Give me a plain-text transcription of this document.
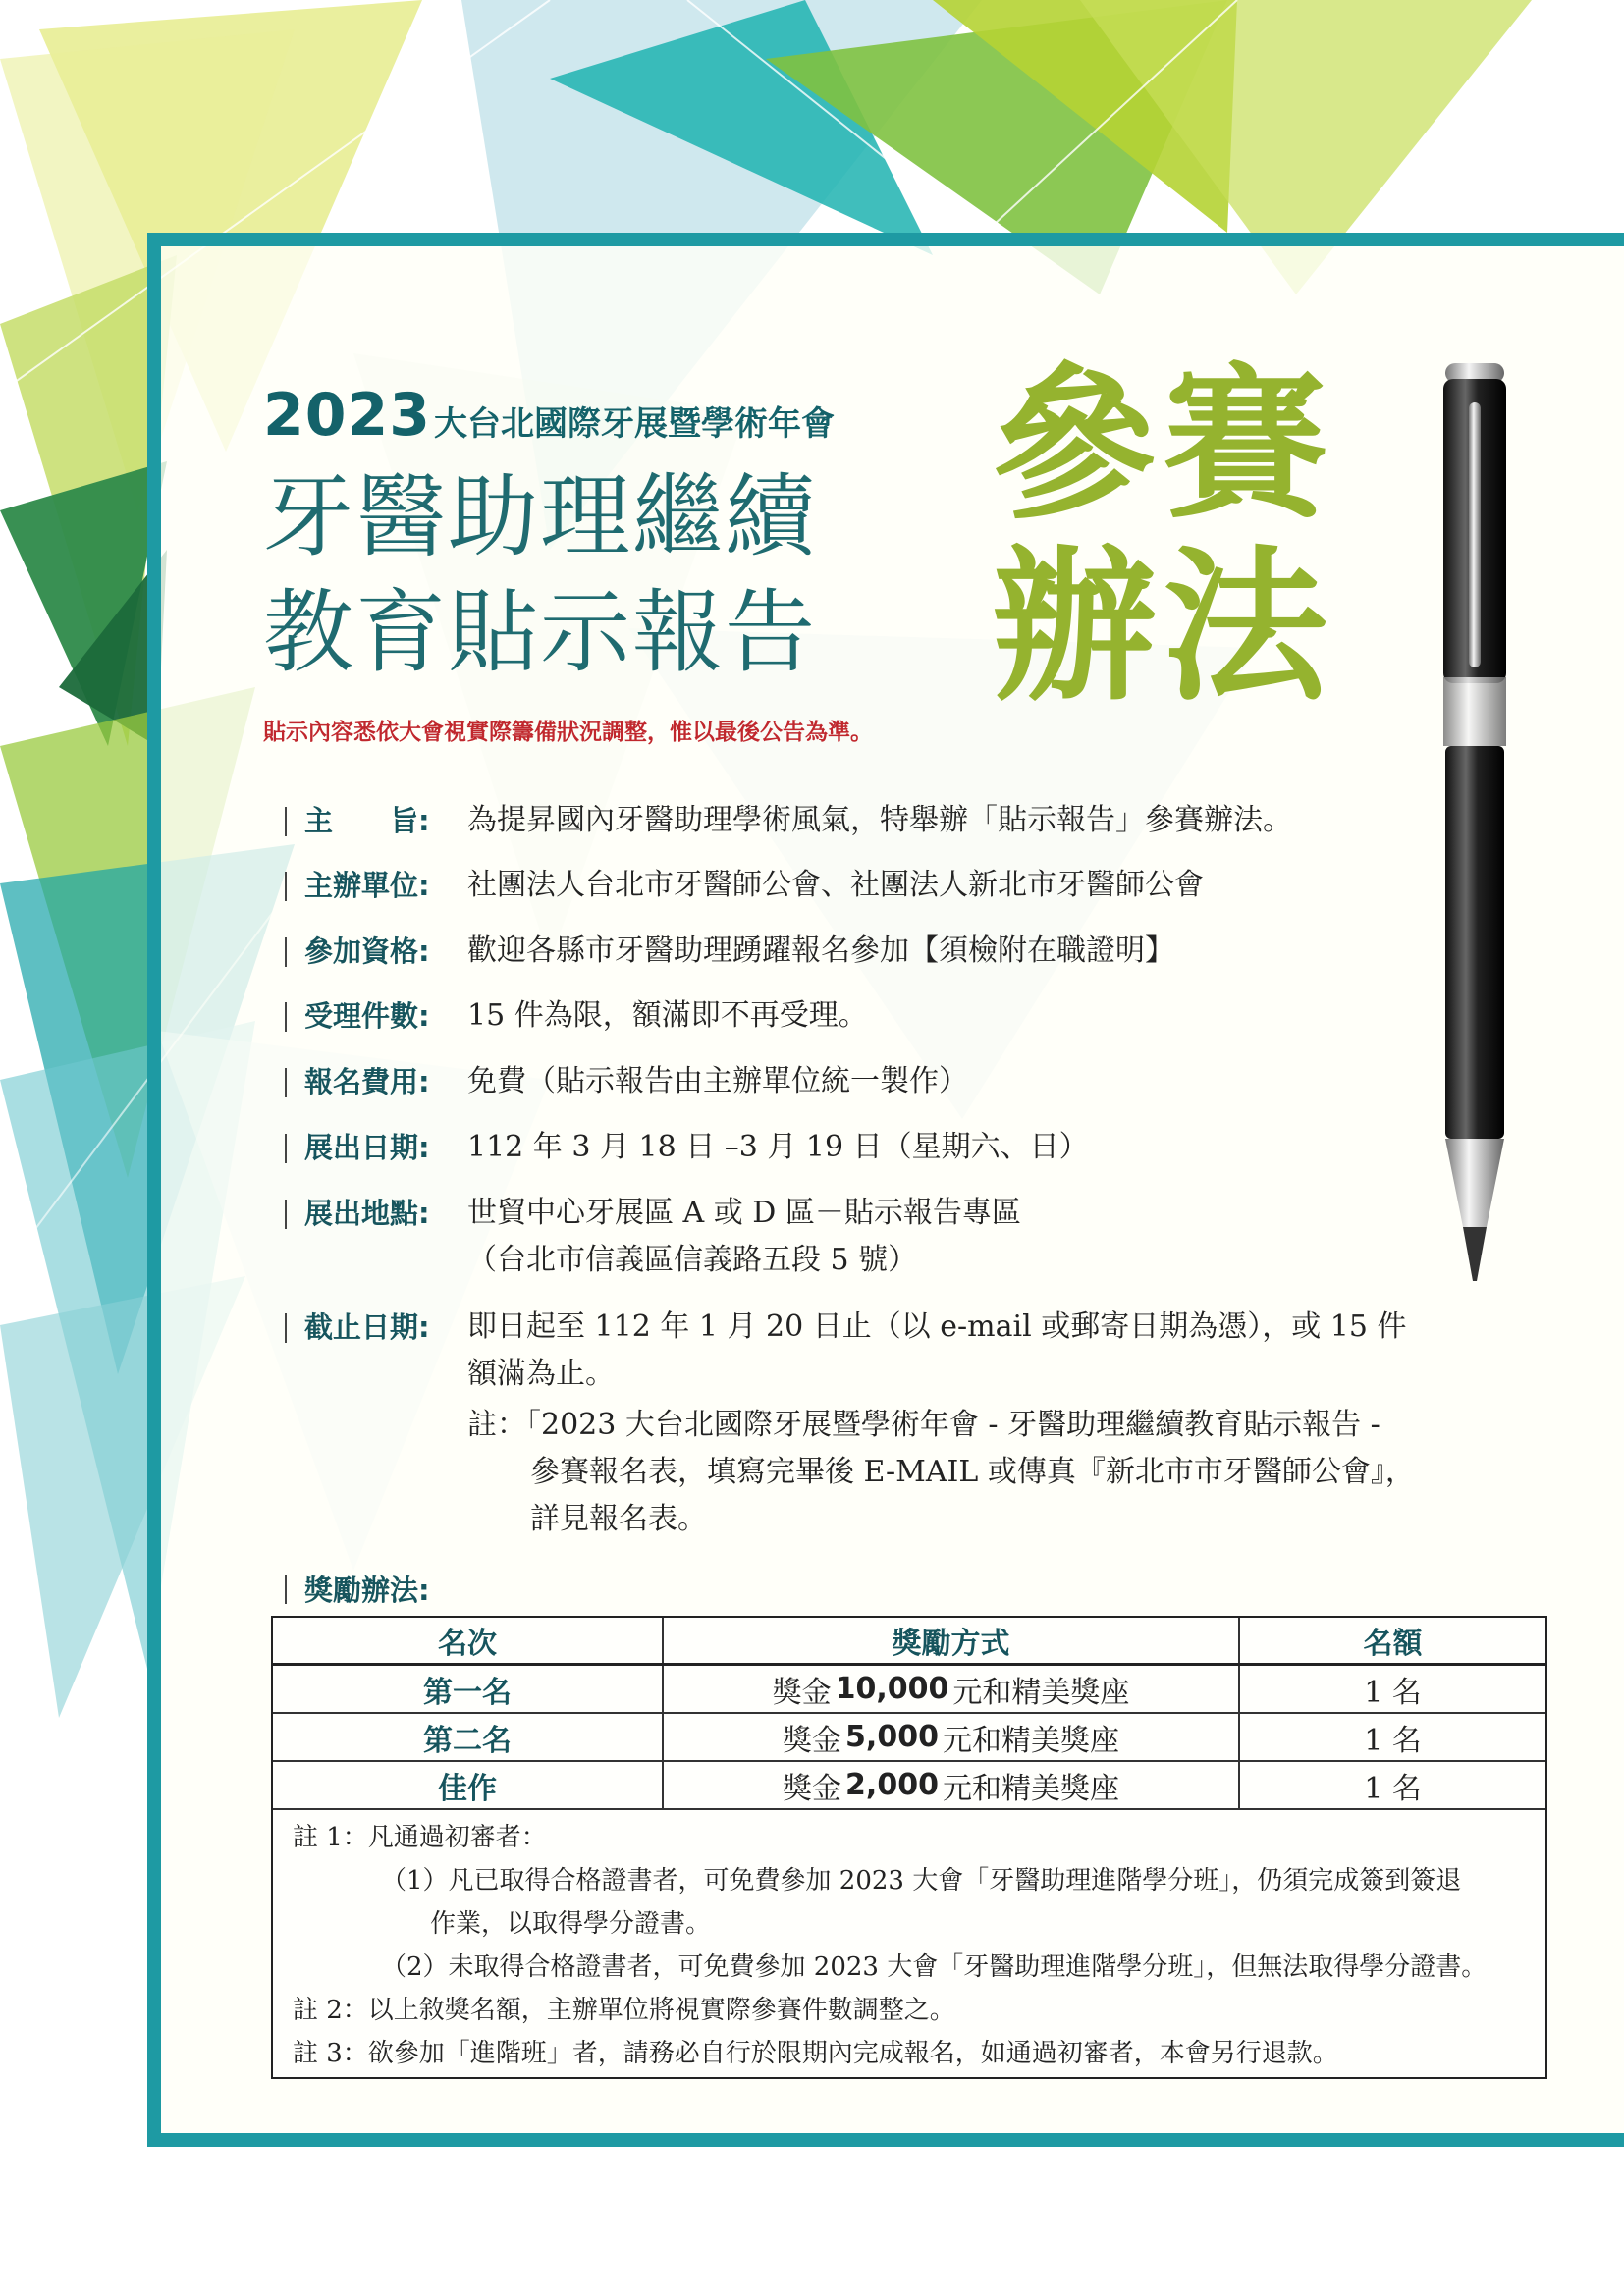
2023 大台北國際牙展暨學術年會
牙醫助理繼續
教育貼示報告
貼示內容悉依大會視實際籌備狀況調整，惟以最後公告為準。
參賽
辦法
主　　旨:	為提昇國內牙醫助理學術風氣，特舉辦「貼示報告」參賽辦法。
主辦單位:	社團法人台北市牙醫師公會、社團法人新北市牙醫師公會
參加資格:	歡迎各縣市牙醫助理踴躍報名參加【須檢附在職證明】
受理件數:	15 件為限，額滿即不再受理。
報名費用:	免費（貼示報告由主辦單位統一製作）
展出日期:	112 年 3 月 18 日 –3 月 19 日（星期六、日）
展出地點:	世貿中心牙展區 A 或 D 區－貼示報告專區
（台北市信義區信義路五段 5 號）
截止日期:	即日起至 112 年 1 月 20 日止（以 e-mail 或郵寄日期為憑），或 15 件
額滿為止。
註：「2023 大台北國際牙展暨學術年會 - 牙醫助理繼續教育貼示報告 -
參賽報名表，填寫完畢後 E-MAIL 或傳真『新北市市牙醫師公會』，
詳見報名表。
獎勵辦法:
名次	獎勵方式	名額
第一名	獎金 10,000 元和精美獎座	1 名
第二名	獎金 5,000 元和精美獎座	1 名
佳作	獎金 2,000 元和精美獎座	1 名
註 1：凡通過初審者：
（1）凡已取得合格證書者，可免費參加 2023 大會「牙醫助理進階學分班」，仍須完成簽到簽退
作業，以取得學分證書。
（2）未取得合格證書者，可免費參加 2023 大會「牙醫助理進階學分班」，但無法取得學分證書。
註 2：以上敘獎名額，主辦單位將視實際參賽件數調整之。
註 3：欲參加「進階班」者，請務必自行於限期內完成報名，如通過初審者，本會另行退款。
